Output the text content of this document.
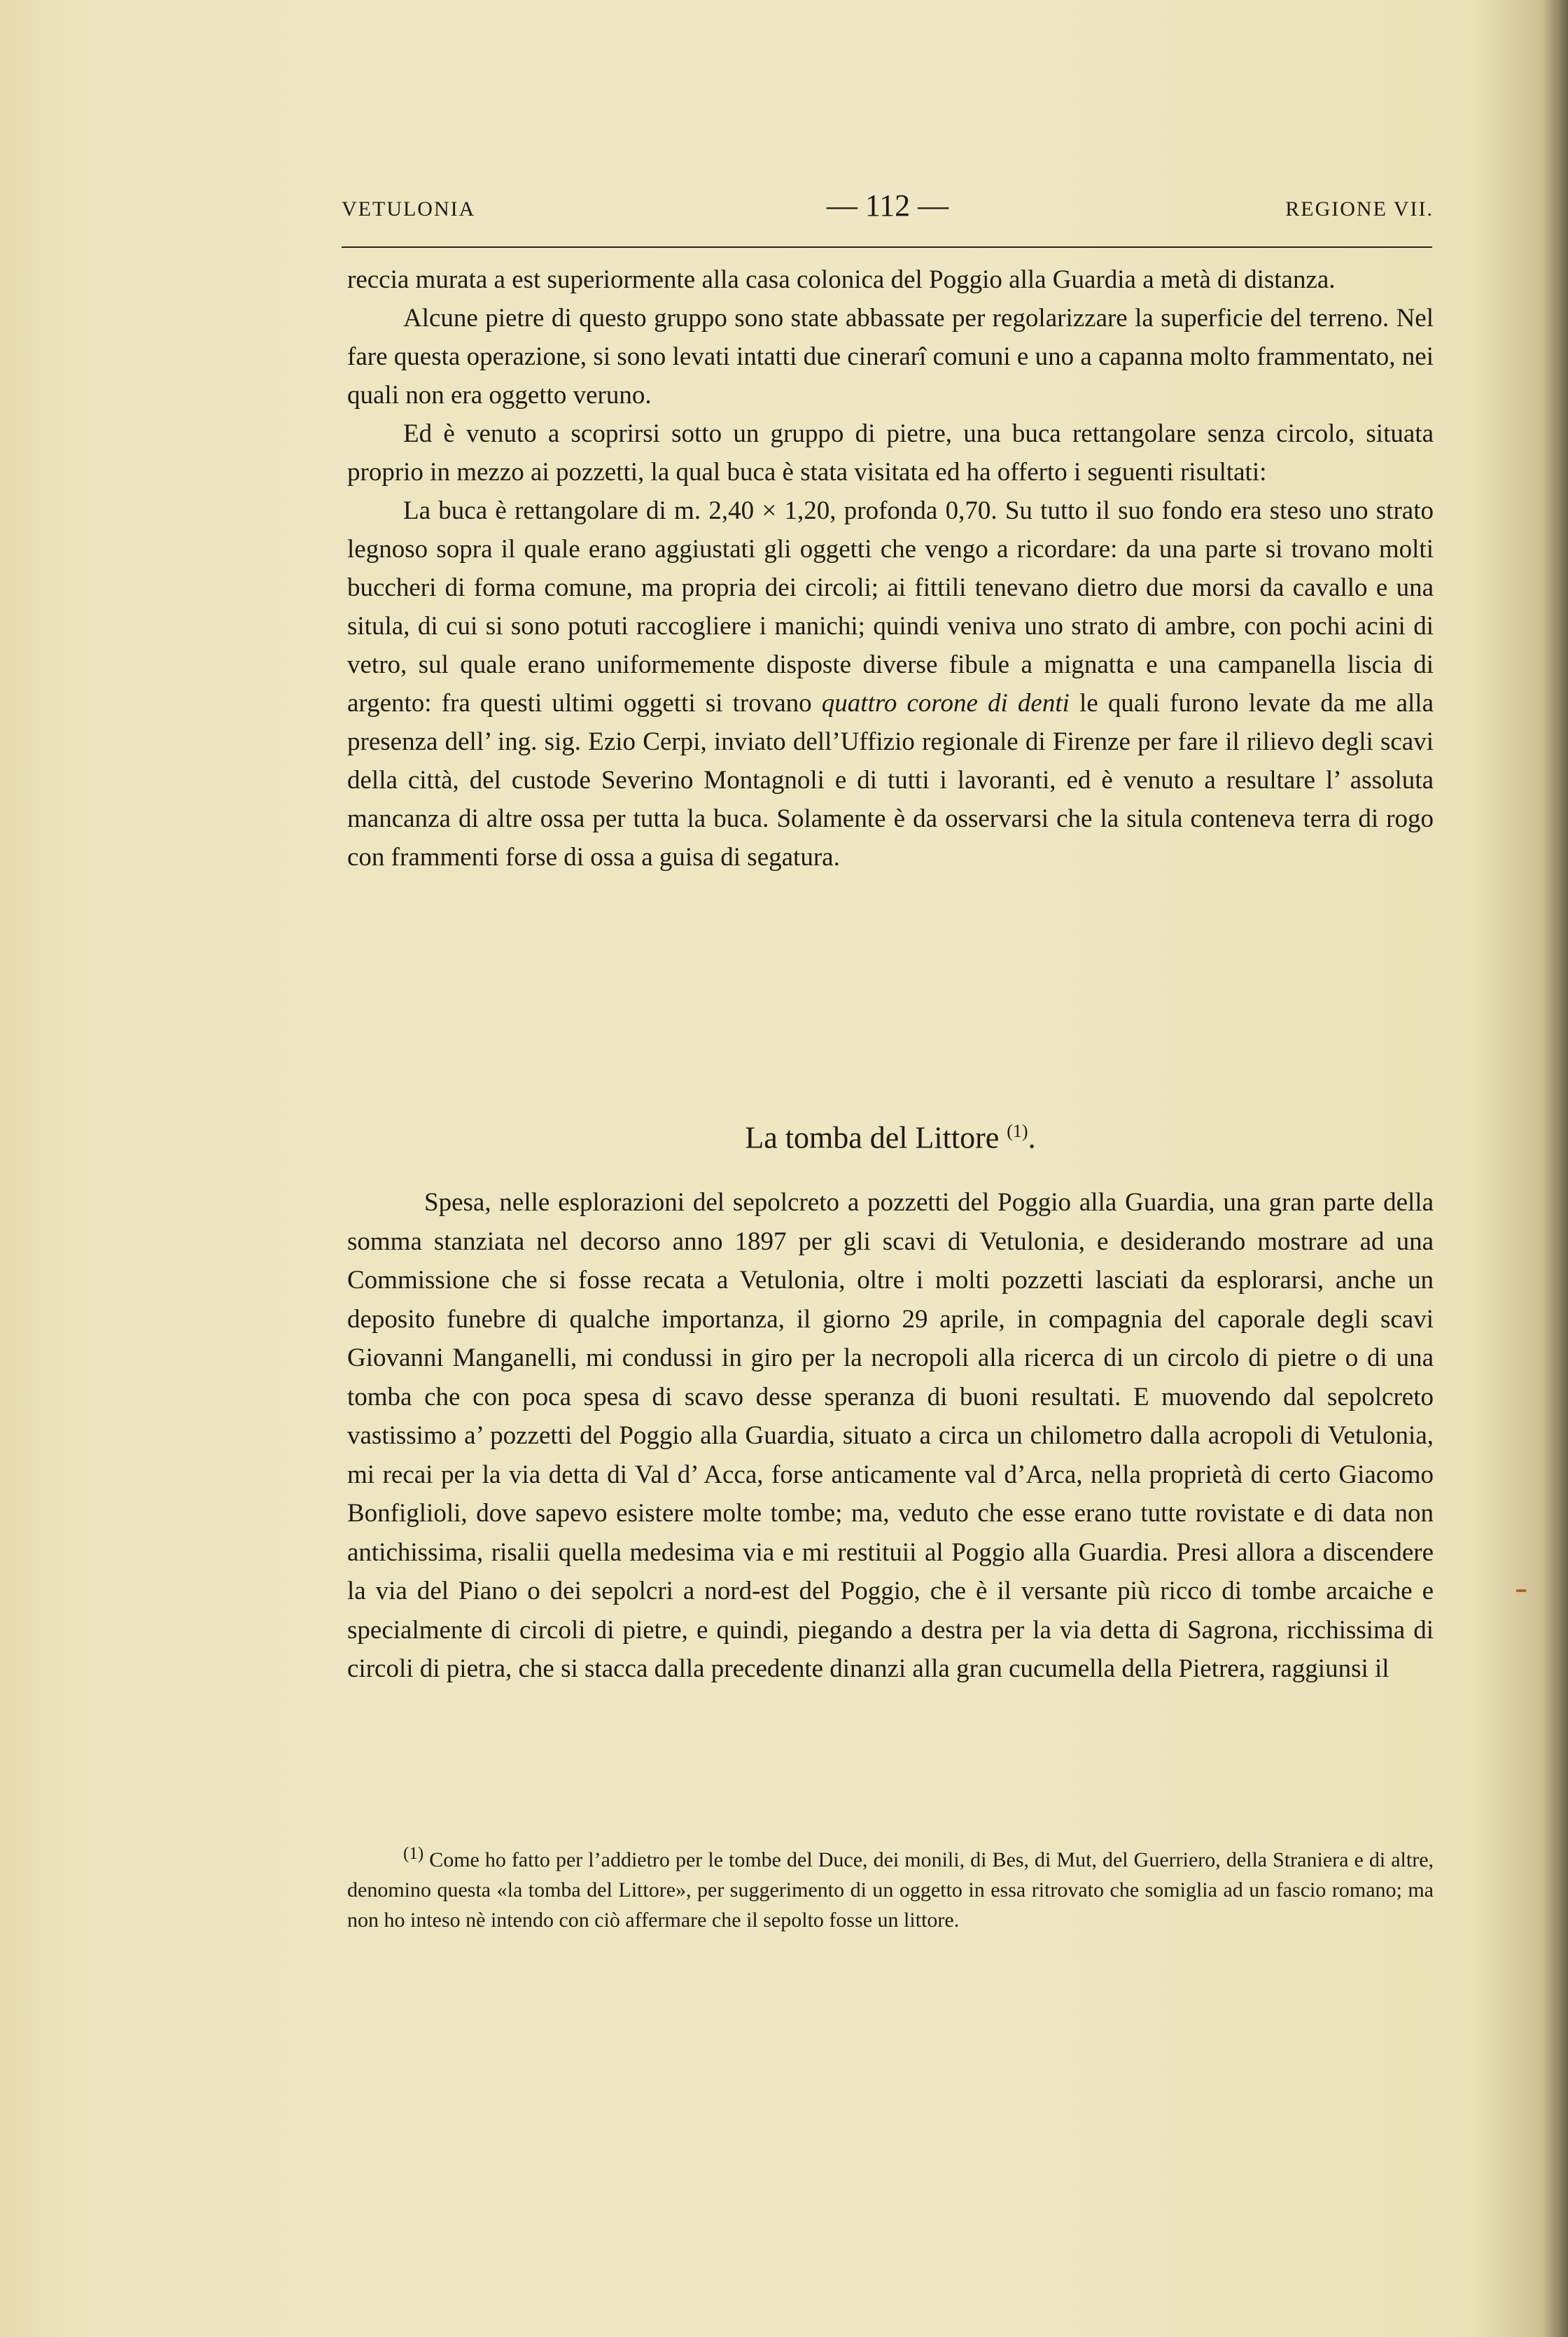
VETULONIA	— 112 —	REGIONE VII.

reccia murata a est superiormente alla casa colonica del Poggio alla Guardia a metà di distanza.

Alcune pietre di questo gruppo sono state abbassate per regolarizzare la superficie del terreno. Nel fare questa operazione, si sono levati intatti due cinerarî comuni e uno a capanna molto frammentato, nei quali non era oggetto veruno.

Ed è venuto a scoprirsi sotto un gruppo di pietre, una buca rettangolare senza circolo, situata proprio in mezzo ai pozzetti, la qual buca è stata visitata ed ha offerto i seguenti risultati:

La buca è rettangolare di m. 2,40 × 1,20, profonda 0,70. Su tutto il suo fondo era steso uno strato legnoso sopra il quale erano aggiustati gli oggetti che vengo a ricordare: da una parte si trovano molti buccheri di forma comune, ma propria dei circoli; ai fittili tenevano dietro due morsi da cavallo e una situla, di cui si sono potuti raccogliere i manichi; quindi veniva uno strato di ambre, con pochi acini di vetro, sul quale erano uniformemente disposte diverse fibule a mignatta e una campanella liscia di argento: fra questi ultimi oggetti si trovano quattro corone di denti le quali furono levate da me alla presenza dell’ ing. sig. Ezio Cerpi, inviato dell’Uffizio regionale di Firenze per fare il rilievo degli scavi della città, del custode Severino Montagnoli e di tutti i lavoranti, ed è venuto a resultare l’ assoluta mancanza di altre ossa per tutta la buca. Solamente è da osservarsi che la situla conteneva terra di rogo con frammenti forse di ossa a guisa di segatura.

La tomba del Littore $^{(1)}$.

Spesa, nelle esplorazioni del sepolcreto a pozzetti del Poggio alla Guardia, una gran parte della somma stanziata nel decorso anno 1897 per gli scavi di Vetulonia, e desiderando mostrare ad una Commissione che si fosse recata a Vetulonia, oltre i molti pozzetti lasciati da esplorarsi, anche un deposito funebre di qualche importanza, il giorno 29 aprile, in compagnia del caporale degli scavi Giovanni Manganelli, mi condussi in giro per la necropoli alla ricerca di un circolo di pietre o di una tomba che con poca spesa di scavo desse speranza di buoni resultati. E muovendo dal sepolcreto vastissimo a’ pozzetti del Poggio alla Guardia, situato a circa un chilometro dalla acropoli di Vetulonia, mi recai per la via detta di Val d’ Acca, forse anticamente val d’Arca, nella proprietà di certo Giacomo Bonfiglioli, dove sapevo esistere molte tombe; ma, veduto che esse erano tutte rovistate e di data non antichissima, risalii quella medesima via e mi restituii al Poggio alla Guardia. Presi allora a discendere la via del Piano o dei sepolcri a nord-est del Poggio, che è il versante più ricco di tombe arcaiche e specialmente di circoli di pietre, e quindi, piegando a destra per la via detta di Sagrona, ricchissima di circoli di pietra, che si stacca dalla precedente dinanzi alla gran cucumella della Pietrera, raggiunsi il

$^{(1)}$ Come ho fatto per l’addietro per le tombe del Duce, dei monili, di Bes, di Mut, del Guerriero, della Straniera e di altre, denomino questa «la tomba del Littore», per suggerimento di un oggetto in essa ritrovato che somiglia ad un fascio romano; ma non ho inteso nè intendo con ciò affermare che il sepolto fosse un littore.
